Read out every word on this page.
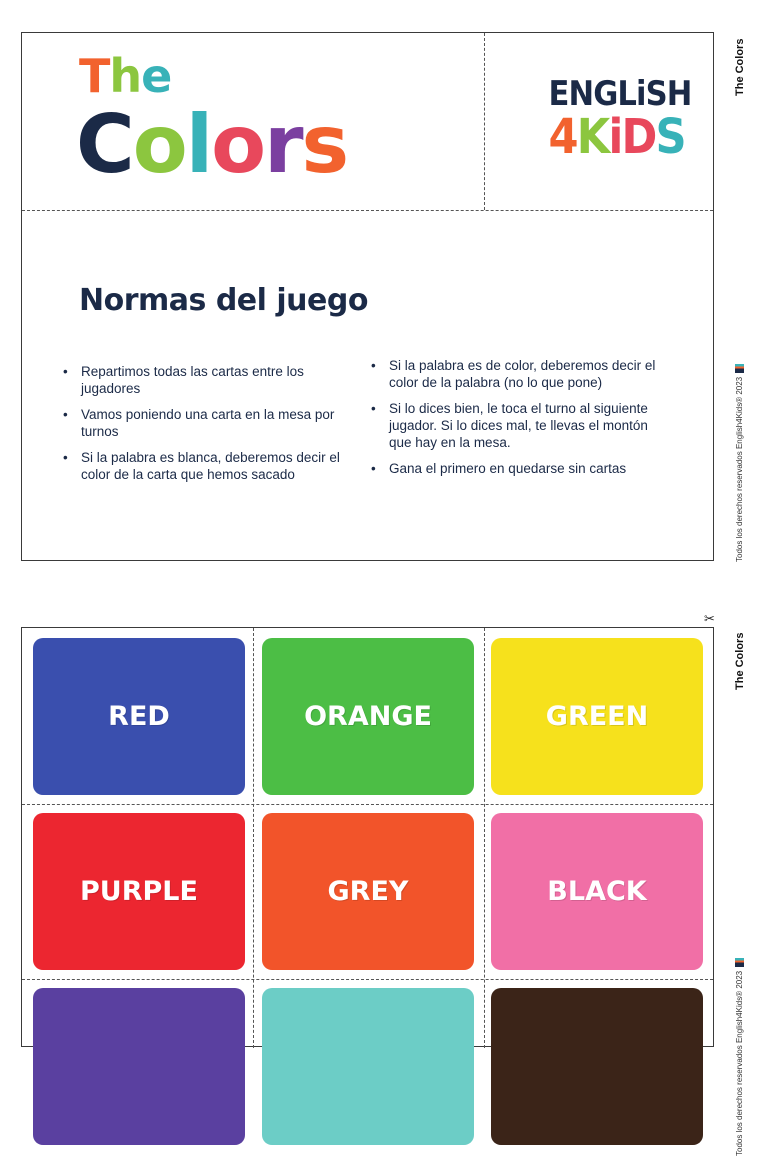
The
Colors
ENGLiSH
4KiDS
Normas del juego
• Repartimos todas las cartas entre los jugadores
• Vamos poniendo una carta en la mesa por turnos
• Si la palabra es blanca, deberemos decir el color de la carta que hemos sacado
• Si la palabra es de color, deberemos decir el color de la palabra (no lo que pone)
• Si lo dices bien, le toca el turno al siguiente jugador. Si lo dices mal, te llevas el montón que hay en la mesa.
• Gana el primero en quedarse sin cartas
The Colors
Todos los derechos reservados English4Kids® 2023
✂
RED	ORANGE	GREEN
PURPLE	GREY	BLACK
The Colors
Todos los derechos reservados English4Kids® 2023
